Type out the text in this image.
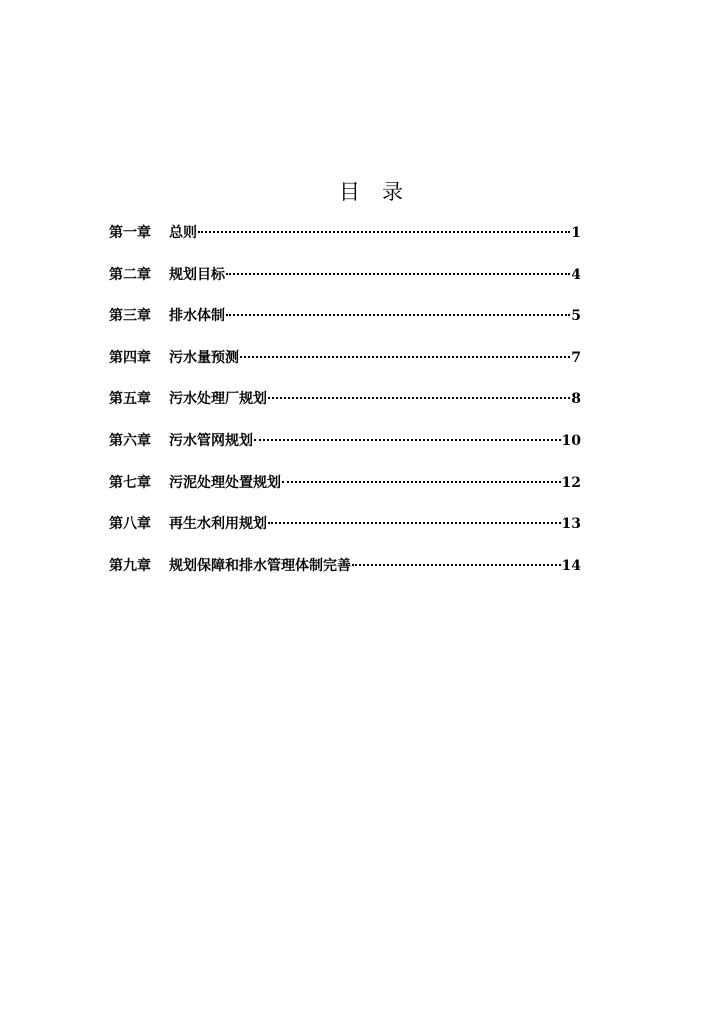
目录
第一章	总则	1
第二章	规划目标	4
第三章	排水体制	5
第四章	污水量预测	7
第五章	污水处理厂规划	8
第六章	污水管网规划	10
第七章	污泥处理处置规划	12
第八章	再生水利用规划	13
第九章	规划保障和排水管理体制完善	14
